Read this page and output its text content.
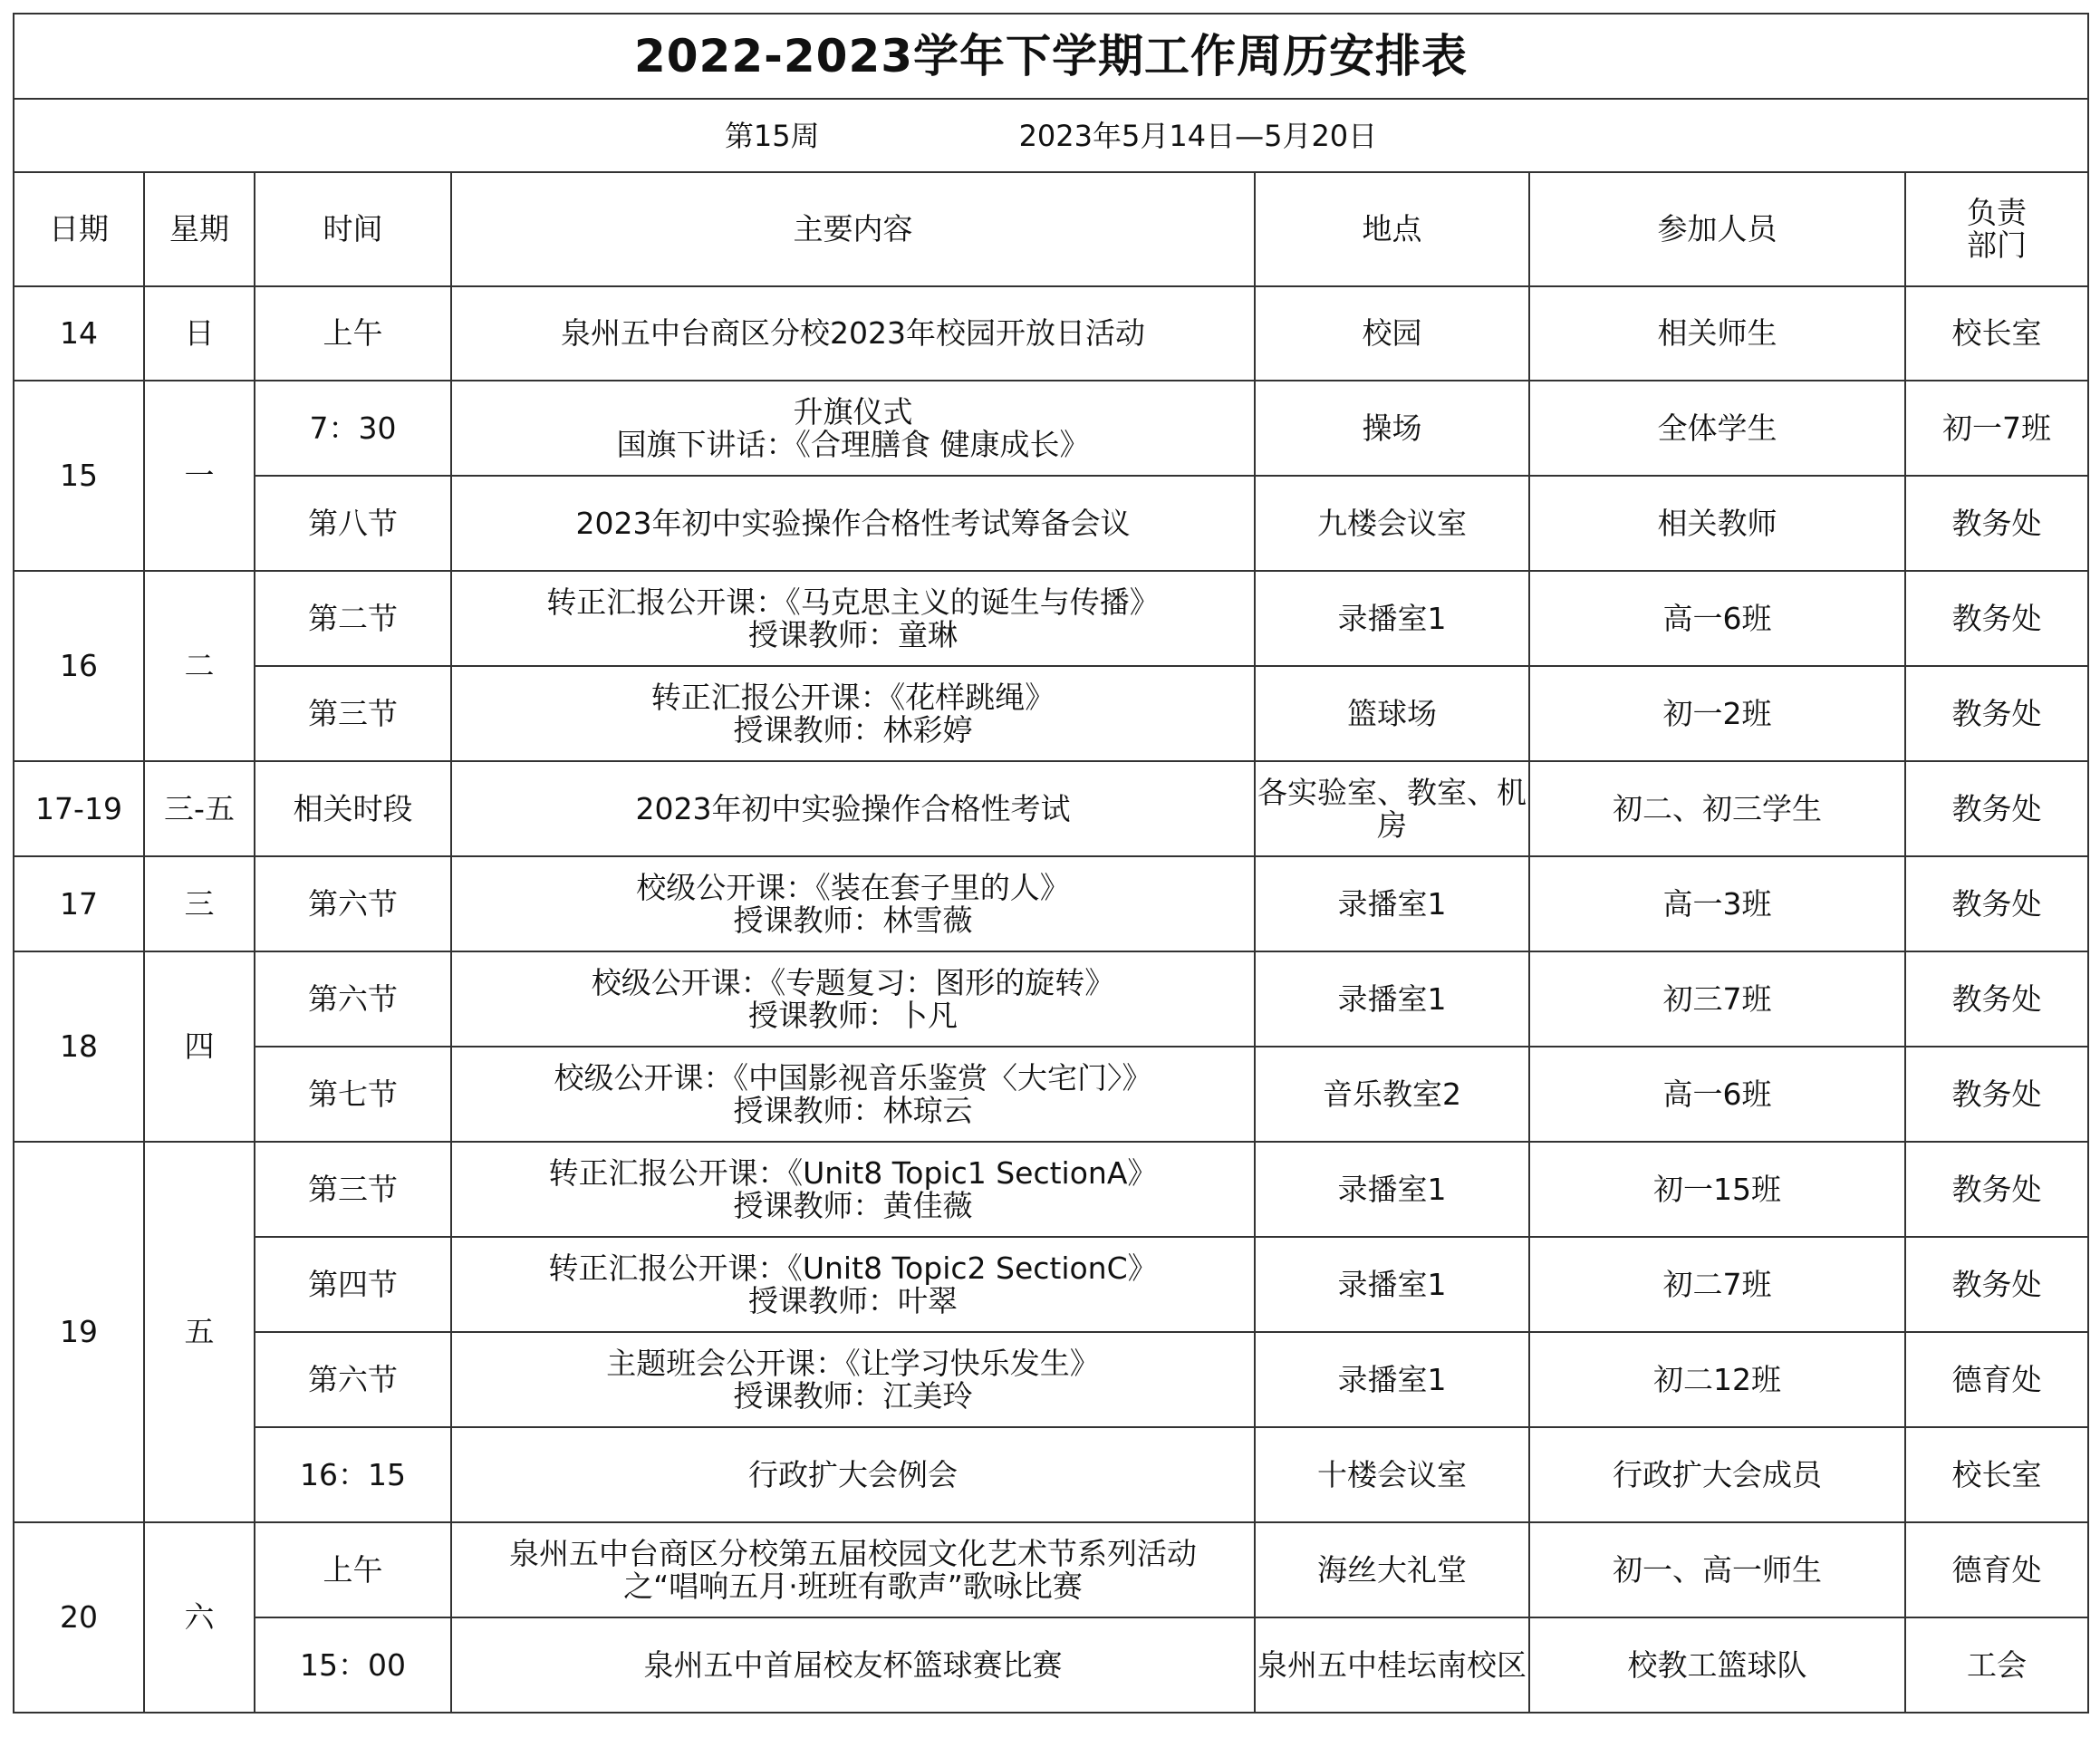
2022-2023学年下学期工作周历安排表						
第15周 2023年5月14日—5月20日						
日期	星期	时间	主要内容	地点	参加人员	负责
部门

14	日	上午	泉州五中台商区分校2023年校园开放日活动	校园	相关师生	校长室
15	一	7：30	升旗仪式
国旗下讲话：《合理膳食 健康成长》	操场	全体学生	初一7班
		第八节	2023年初中实验操作合格性考试筹备会议	九楼会议室	相关教师	教务处
16	二	第二节	转正汇报公开课：《马克思主义的诞生与传播》
授课教师：童琳	录播室1	高一6班	教务处
		第三节	转正汇报公开课：《花样跳绳》
授课教师：林彩婷	篮球场	初一2班	教务处
17-19	三-五	相关时段	2023年初中实验操作合格性考试	各实验室、教室、机房	初二、初三学生	教务处
17	三	第六节	校级公开课：《装在套子里的人》
授课教师：林雪薇	录播室1	高一3班	教务处
18	四	第六节	校级公开课：《专题复习：图形的旋转》
授课教师：卜凡	录播室1	初三7班	教务处
		第七节	校级公开课：《中国影视音乐鉴赏〈大宅门〉》
授课教师：林琼云	音乐教室2	高一6班	教务处
19	五	第三节	转正汇报公开课：《Unit8 Topic1 SectionA》
授课教师：黄佳薇	录播室1	初一15班	教务处
		第四节	转正汇报公开课：《Unit8 Topic2 SectionC》
授课教师：叶翠	录播室1	初二7班	教务处
		第六节	主题班会公开课：《让学习快乐发生》
授课教师：江美玲	录播室1	初二12班	德育处
		16：15	行政扩大会例会	十楼会议室	行政扩大会成员	校长室
20	六	上午	泉州五中台商区分校第五届校园文化艺术节系列活动
之“唱响五月·班班有歌声”歌咏比赛	海丝大礼堂	初一、高一师生	德育处
		15：00	泉州五中首届校友杯篮球赛比赛	泉州五中桂坛南校区	校教工篮球队	工会
